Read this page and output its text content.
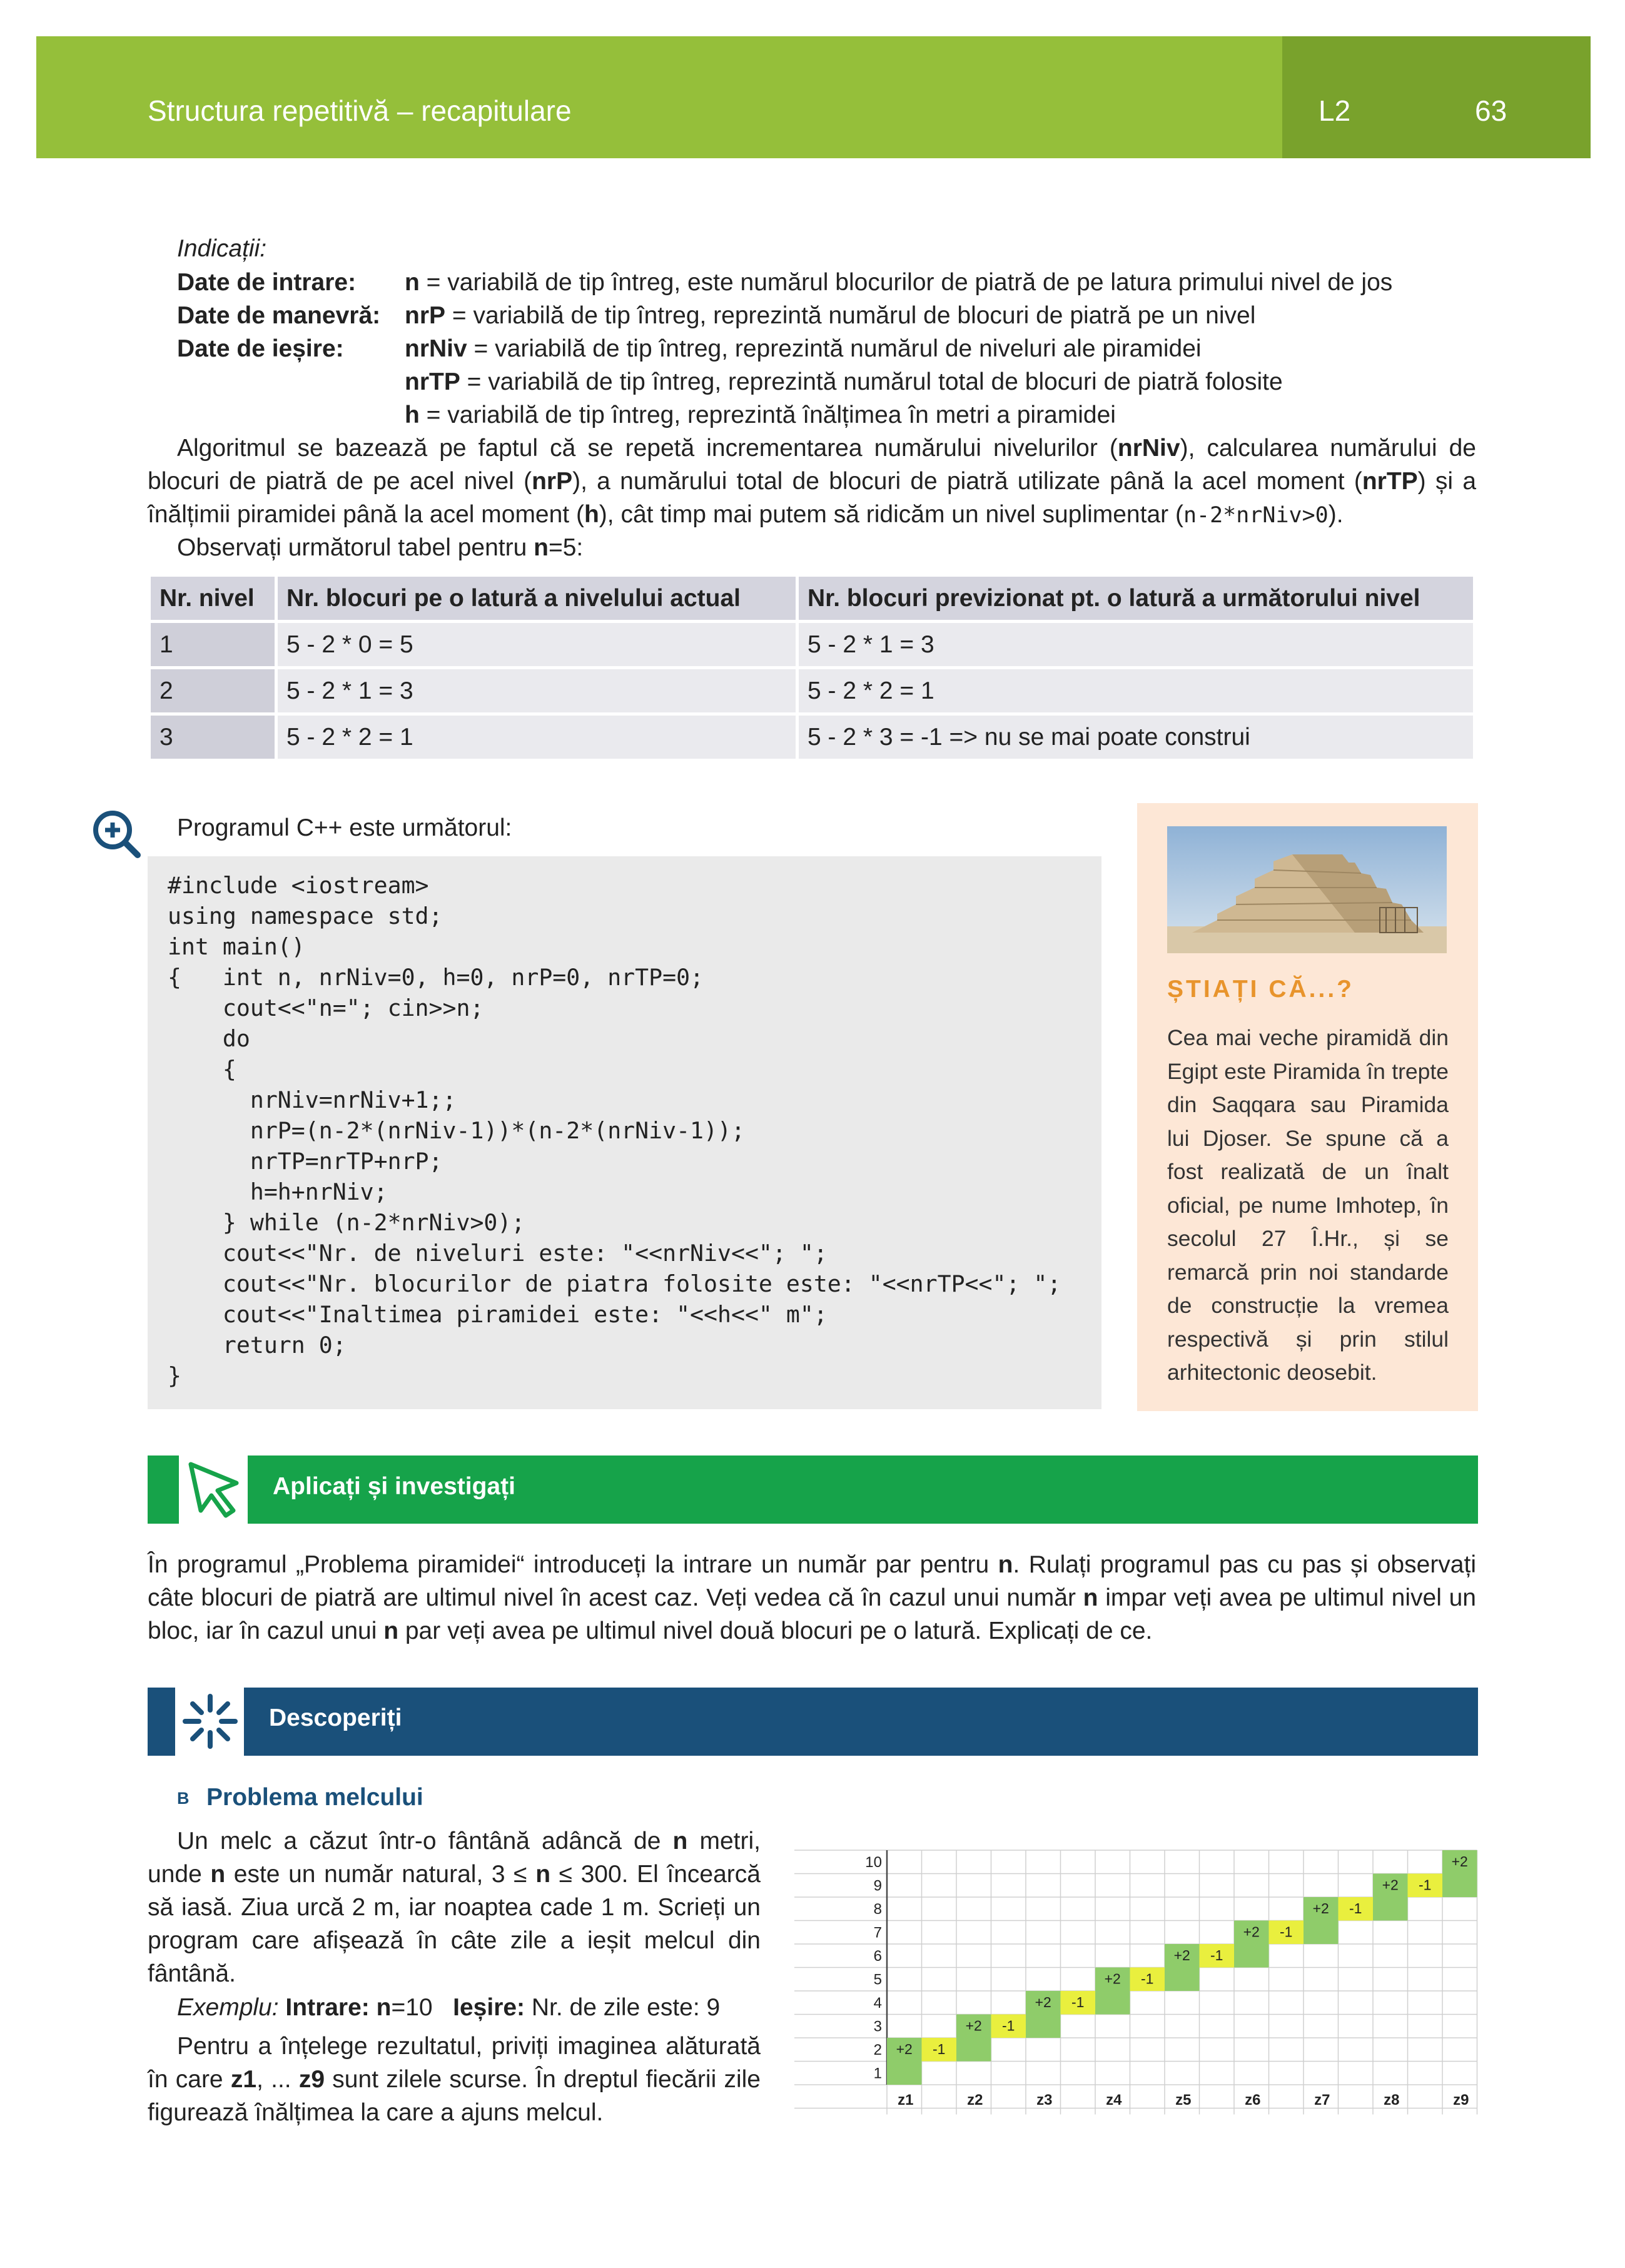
Structura repetitivă – recapitulare	L2	63
Indicații:
Date de intrare: n = variabilă de tip întreg, este numărul blocurilor de piatră de pe latura primului nivel de jos
Date de manevră: nrP = variabilă de tip întreg, reprezintă numărul de blocuri de piatră pe un nivel
Date de ieșire: nrNiv = variabilă de tip întreg, reprezintă numărul de niveluri ale piramidei
nrTP = variabilă de tip întreg, reprezintă numărul total de blocuri de piatră folosite
h = variabilă de tip întreg, reprezintă înălțimea în metri a piramidei
Algoritmul se bazează pe faptul că se repetă incrementarea numărului nivelurilor (nrNiv), calcularea numărului de blocuri de piatră de pe acel nivel (nrP), a numărului total de blocuri de piatră utilizate până la acel moment (nrTP) și a înălțimii piramidei până la acel moment (h), cât timp mai putem să ridicăm un nivel suplimentar (n-2*nrNiv>0).
Observați următorul tabel pentru n=5:
Nr. nivel	Nr. blocuri pe o latură a nivelului actual	Nr. blocuri previzionat pt. o latură a următorului nivel
1	5 - 2 * 0 = 5	5 - 2 * 1 = 3
2	5 - 2 * 1 = 3	5 - 2 * 2 = 1
3	5 - 2 * 2 = 1	5 - 2 * 3 = -1 => nu se mai poate construi
Programul C++ este următorul:
#include <iostream>
using namespace std;
int main()
{   int n, nrNiv=0, h=0, nrP=0, nrTP=0;
cout<<"n="; cin>>n;
do
{
nrNiv=nrNiv+1;;
nrP=(n-2*(nrNiv-1))*(n-2*(nrNiv-1));
nrTP=nrTP+nrP;
h=h+nrNiv;
} while (n-2*nrNiv>0);
cout<<"Nr. de niveluri este: "<<nrNiv<<"; ";
cout<<"Nr. blocurilor de piatra folosite este: "<<nrTP<<"; ";
cout<<"Inaltimea piramidei este: "<<h<<" m";
return 0;
}
ȘTIAȚI CĂ...?
Cea mai veche piramidă din Egipt este Piramida în trepte din Saqqara sau Piramida lui Djoser. Se spune că a fost realizată de un înalt oficial, pe nume Imhotep, în secolul 27 Î.Hr., și se remarcă prin noi standarde de construcție la vremea respectivă și prin stilul arhitectonic deosebit.
Aplicați și investigați
În programul „Problema piramidei“ introduceți la intrare un număr par pentru n. Rulați programul pas cu pas și observați câte blocuri de piatră are ultimul nivel în acest caz. Veți vedea că în cazul unui număr n impar veți avea pe ultimul nivel un bloc, iar în cazul unui n par veți avea pe ultimul nivel două blocuri pe o latură. Explicați de ce.
Descoperiți
B Problema melcului
Un melc a căzut într-o fântână adâncă de n metri, unde n este un număr natural, 3 ≤ n ≤ 300. El încearcă să iasă. Ziua urcă 2 m, iar noaptea cade 1 m. Scrieți un program care afișează în câte zile a ieșit melcul din fântână.
Exemplu: Intrare: n=10 Ieșire: Nr. de zile este: 9
Pentru a înțelege rezultatul, priviți imaginea alăturată în care z1, ... z9 sunt zilele scurse. În dreptul fiecării zile figurează înălțimea la care a ajuns melcul.
10
9
8
7
6
5
4
3
2
1
z1	z2	z3	z4	z5	z6	z7	z8	z9
+2 -1
+2 -1
+2 -1
+2 -1
+2 -1
+2 -1
+2 -1
+2 -1
+2
